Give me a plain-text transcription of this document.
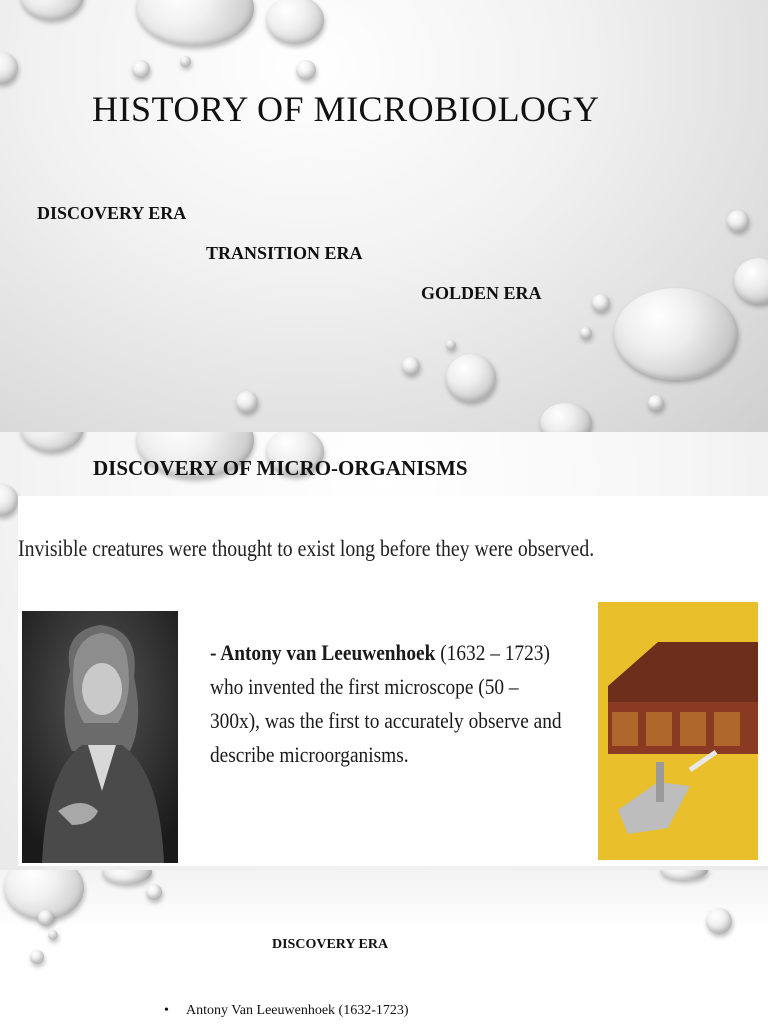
HISTORY OF MICROBIOLOGY

DISCOVERY ERA

TRANSITION ERA

GOLDEN ERA

DISCOVERY OF MICRO-ORGANISMS

Invisible creatures were thought to exist long before they were observed.

- Antony van Leeuwenhoek (1632 – 1723) who invented the first microscope (50 – 300x), was the first to accurately observe and describe microorganisms.

DISCOVERY ERA

• Antony Van Leeuwenhoek (1632-1723)
